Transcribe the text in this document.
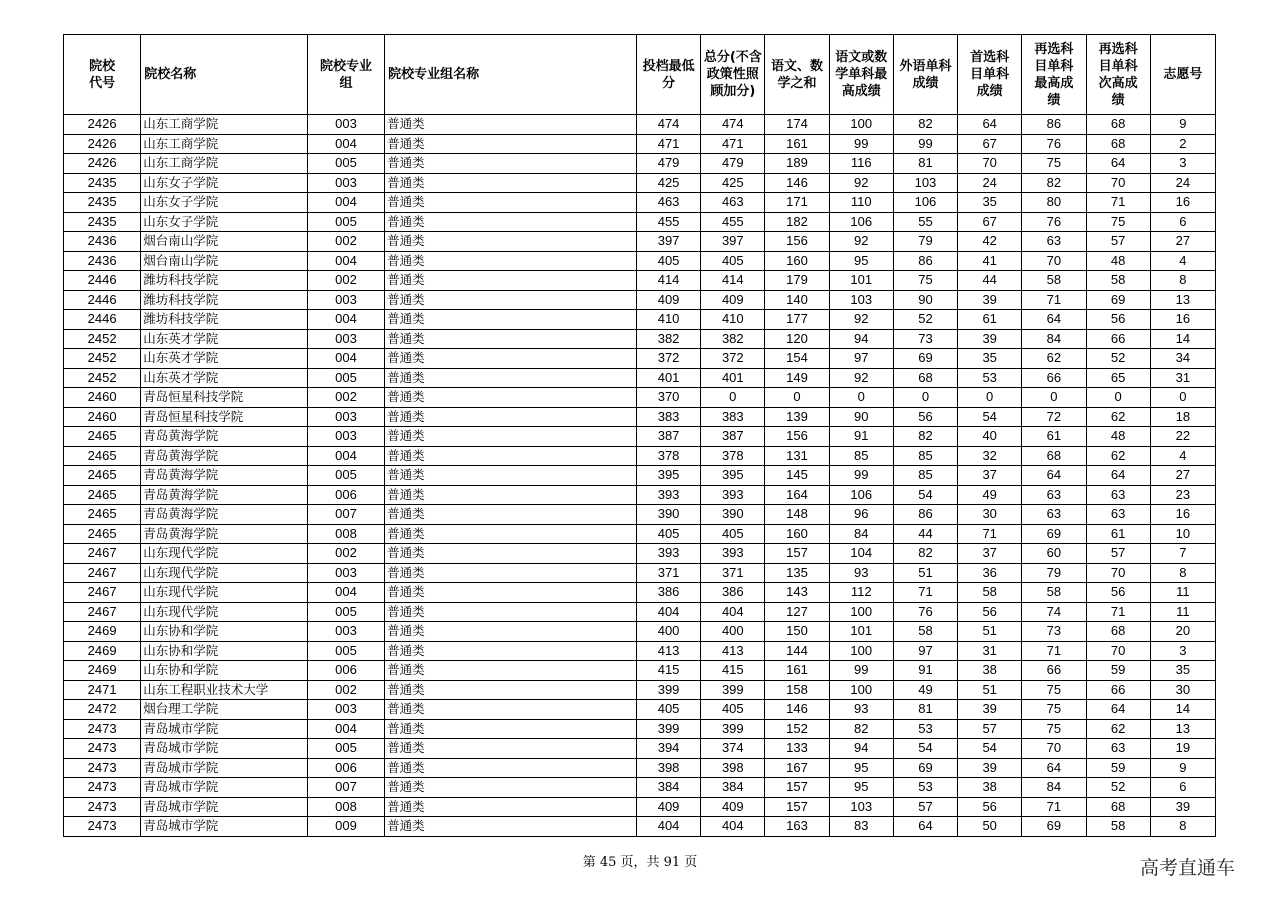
院校代号	院校名称	院校专业组	院校专业组名称	投档最低分	总分(不含政策性照顾加分)	语文、数学之和	语文或数学单科最高成绩	外语单科成绩	首选科目单科成绩	再选科目单科最高成绩	再选科目单科次高成绩	志愿号
2426	山东工商学院	003	普通类	474	474	174	100	82	64	86	68	9
2426	山东工商学院	004	普通类	471	471	161	99	99	67	76	68	2
2426	山东工商学院	005	普通类	479	479	189	116	81	70	75	64	3
2435	山东女子学院	003	普通类	425	425	146	92	103	24	82	70	24
2435	山东女子学院	004	普通类	463	463	171	110	106	35	80	71	16
2435	山东女子学院	005	普通类	455	455	182	106	55	67	76	75	6
2436	烟台南山学院	002	普通类	397	397	156	92	79	42	63	57	27
2436	烟台南山学院	004	普通类	405	405	160	95	86	41	70	48	4
2446	潍坊科技学院	002	普通类	414	414	179	101	75	44	58	58	8
2446	潍坊科技学院	003	普通类	409	409	140	103	90	39	71	69	13
2446	潍坊科技学院	004	普通类	410	410	177	92	52	61	64	56	16
2452	山东英才学院	003	普通类	382	382	120	94	73	39	84	66	14
2452	山东英才学院	004	普通类	372	372	154	97	69	35	62	52	34
2452	山东英才学院	005	普通类	401	401	149	92	68	53	66	65	31
2460	青岛恒星科技学院	002	普通类	370	0	0	0	0	0	0	0	0
2460	青岛恒星科技学院	003	普通类	383	383	139	90	56	54	72	62	18
2465	青岛黄海学院	003	普通类	387	387	156	91	82	40	61	48	22
2465	青岛黄海学院	004	普通类	378	378	131	85	85	32	68	62	4
2465	青岛黄海学院	005	普通类	395	395	145	99	85	37	64	64	27
2465	青岛黄海学院	006	普通类	393	393	164	106	54	49	63	63	23
2465	青岛黄海学院	007	普通类	390	390	148	96	86	30	63	63	16
2465	青岛黄海学院	008	普通类	405	405	160	84	44	71	69	61	10
2467	山东现代学院	002	普通类	393	393	157	104	82	37	60	57	7
2467	山东现代学院	003	普通类	371	371	135	93	51	36	79	70	8
2467	山东现代学院	004	普通类	386	386	143	112	71	58	58	56	11
2467	山东现代学院	005	普通类	404	404	127	100	76	56	74	71	11
2469	山东协和学院	003	普通类	400	400	150	101	58	51	73	68	20
2469	山东协和学院	005	普通类	413	413	144	100	97	31	71	70	3
2469	山东协和学院	006	普通类	415	415	161	99	91	38	66	59	35
2471	山东工程职业技术大学	002	普通类	399	399	158	100	49	51	75	66	30
2472	烟台理工学院	003	普通类	405	405	146	93	81	39	75	64	14
2473	青岛城市学院	004	普通类	399	399	152	82	53	57	75	62	13
2473	青岛城市学院	005	普通类	394	374	133	94	54	54	70	63	19
2473	青岛城市学院	006	普通类	398	398	167	95	69	39	64	59	9
2473	青岛城市学院	007	普通类	384	384	157	95	53	38	84	52	6
2473	青岛城市学院	008	普通类	409	409	157	103	57	56	71	68	39
2473	青岛城市学院	009	普通类	404	404	163	83	64	50	69	58	8
第 45 页，共 91 页	高考直通车
